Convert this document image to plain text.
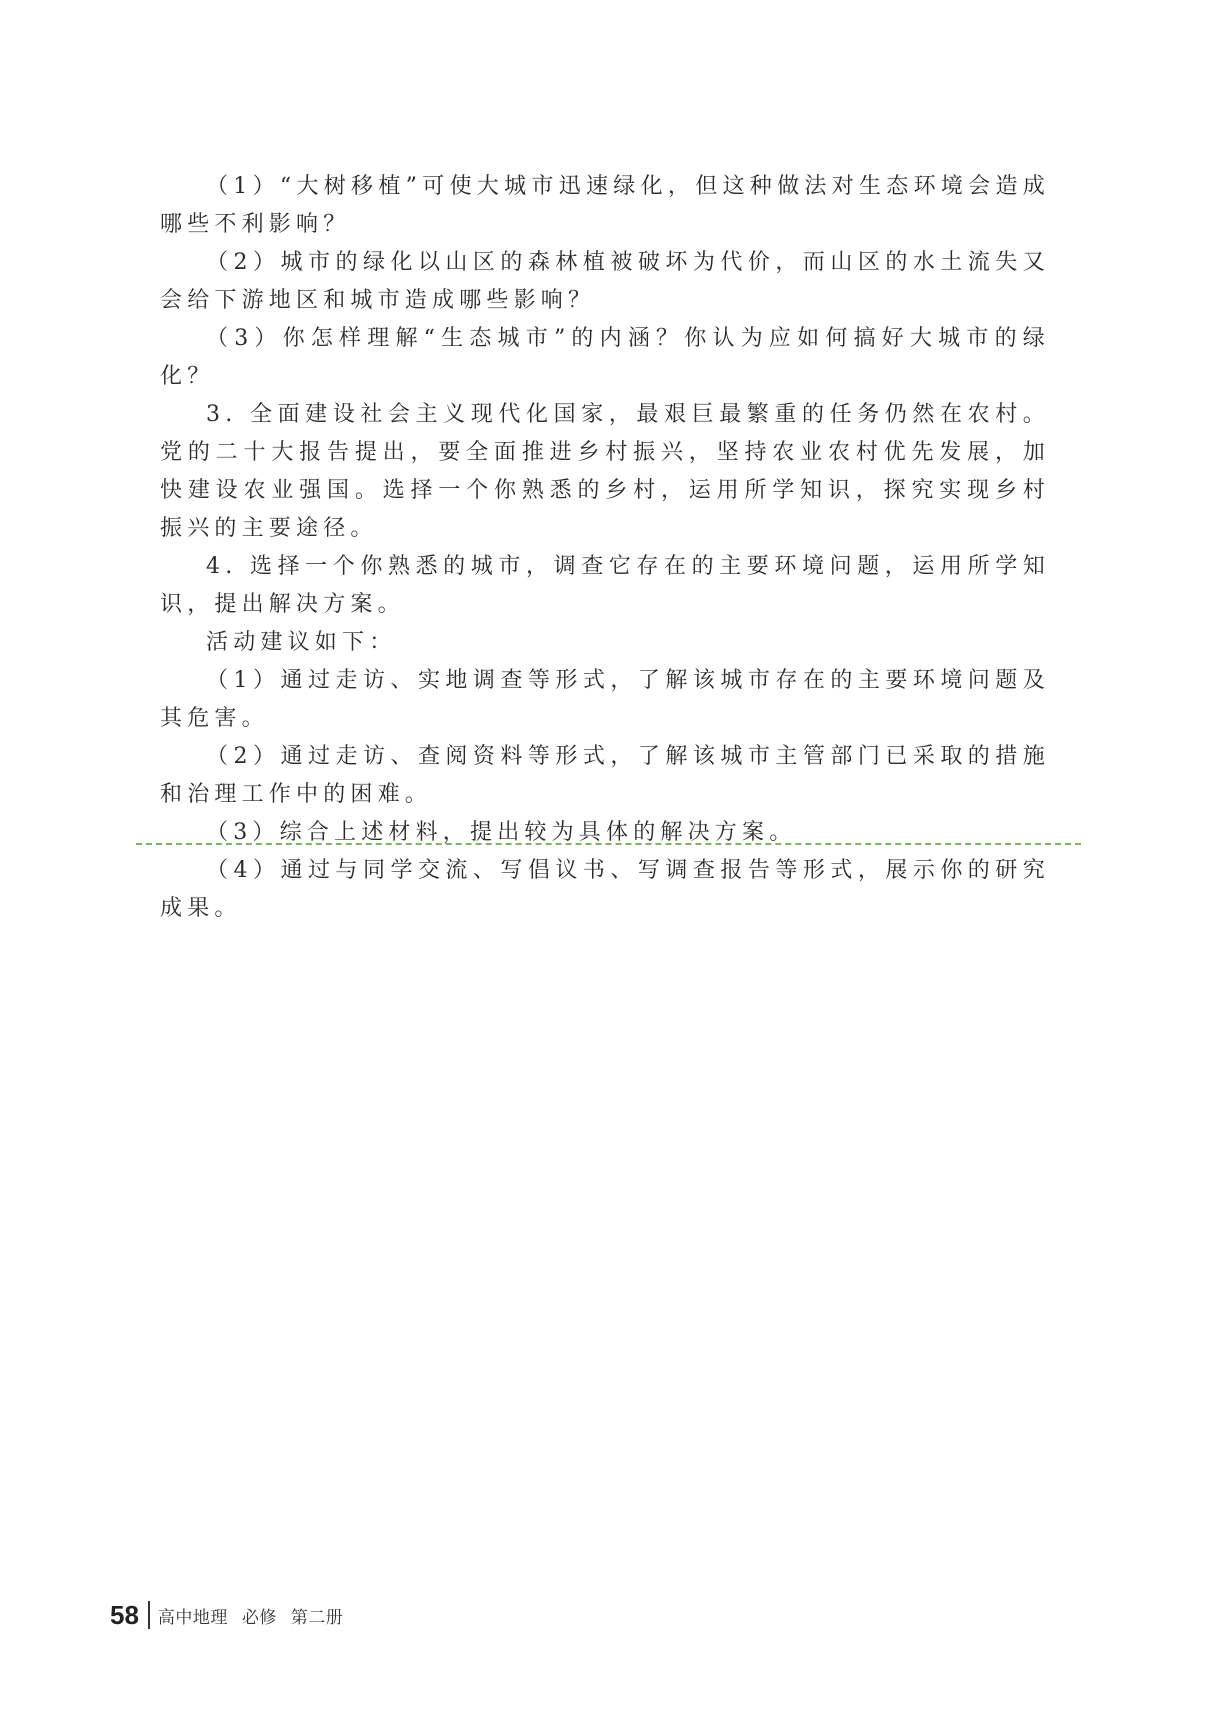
（1）“大树移植”可使大城市迅速绿化，但这种做法对生态环境会造成哪些不利影响？

（2）城市的绿化以山区的森林植被破坏为代价，而山区的水土流失又会给下游地区和城市造成哪些影响？

（3）你怎样理解“生态城市”的内涵？你认为应如何搞好大城市的绿化？

3. 全面建设社会主义现代化国家，最艰巨最繁重的任务仍然在农村。党的二十大报告提出，要全面推进乡村振兴，坚持农业农村优先发展，加快建设农业强国。选择一个你熟悉的乡村，运用所学知识，探究实现乡村振兴的主要途径。

4. 选择一个你熟悉的城市，调查它存在的主要环境问题，运用所学知识，提出解决方案。

活动建议如下：

（1）通过走访、实地调查等形式，了解该城市存在的主要环境问题及其危害。

（2）通过走访、查阅资料等形式，了解该城市主管部门已采取的措施和治理工作中的困难。

（3）综合上述材料，提出较为具体的解决方案。

（4）通过与同学交流、写倡议书、写调查报告等形式，展示你的研究成果。

58 高中地理 必修 第二册
